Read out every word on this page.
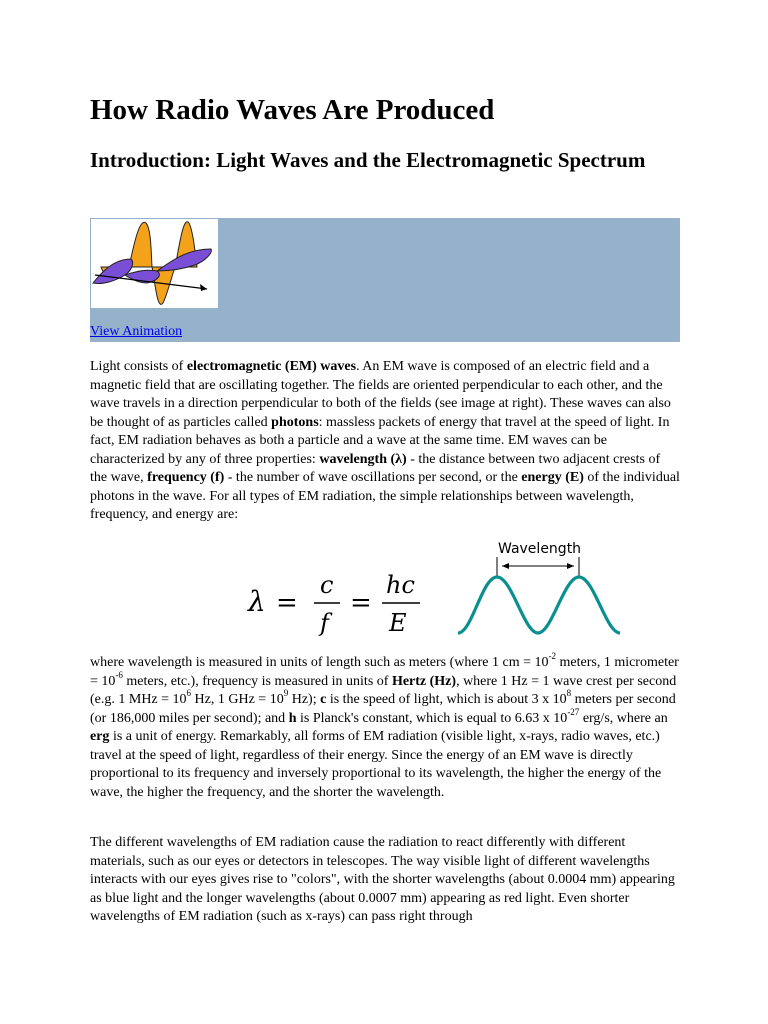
How Radio Waves Are Produced
Introduction: Light Waves and the Electromagnetic Spectrum
View Animation

Light consists of electromagnetic (EM) waves. An EM wave is composed of an electric field and a magnetic field that are oscillating together. The fields are oriented perpendicular to each other, and the wave travels in a direction perpendicular to both of the fields (see image at right). These waves can also be thought of as particles called photons: massless packets of energy that travel at the speed of light. In fact, EM radiation behaves as both a particle and a wave at the same time. EM waves can be characterized by any of three properties: wavelength (λ) - the distance between two adjacent crests of the wave, frequency (f) - the number of wave oscillations per second, or the energy (E) of the individual photons in the wave. For all types of EM radiation, the simple relationships between wavelength, frequency, and energy are:

λ =
c
f
=
hc
E
Wavelength

where wavelength is measured in units of length such as meters (where 1 cm = $10^{-2}$ meters, 1 micrometer = $10^{-6}$ meters, etc.), frequency is measured in units of Hertz (Hz), where 1 Hz = 1 wave crest per second (e.g. 1 MHz = $10^6$ Hz, 1 GHz = $10^9$ Hz); c is the speed of light, which is about 3 x $10^8$ meters per second (or 186,000 miles per second); and h is Planck's constant, which is equal to 6.63 x $10^{-27}$ erg/s, where an erg is a unit of energy. Remarkably, all forms of EM radiation (visible light, x-rays, radio waves, etc.) travel at the speed of light, regardless of their energy. Since the energy of an EM wave is directly proportional to its frequency and inversely proportional to its wavelength, the higher the energy of the wave, the higher the frequency, and the shorter the wavelength.

The different wavelengths of EM radiation cause the radiation to react differently with different materials, such as our eyes or detectors in telescopes. The way visible light of different wavelengths interacts with our eyes gives rise to "colors", with the shorter wavelengths (about 0.0004 mm) appearing as blue light and the longer wavelengths (about 0.0007 mm) appearing as red light. Even shorter wavelengths of EM radiation (such as x-rays) can pass right through
